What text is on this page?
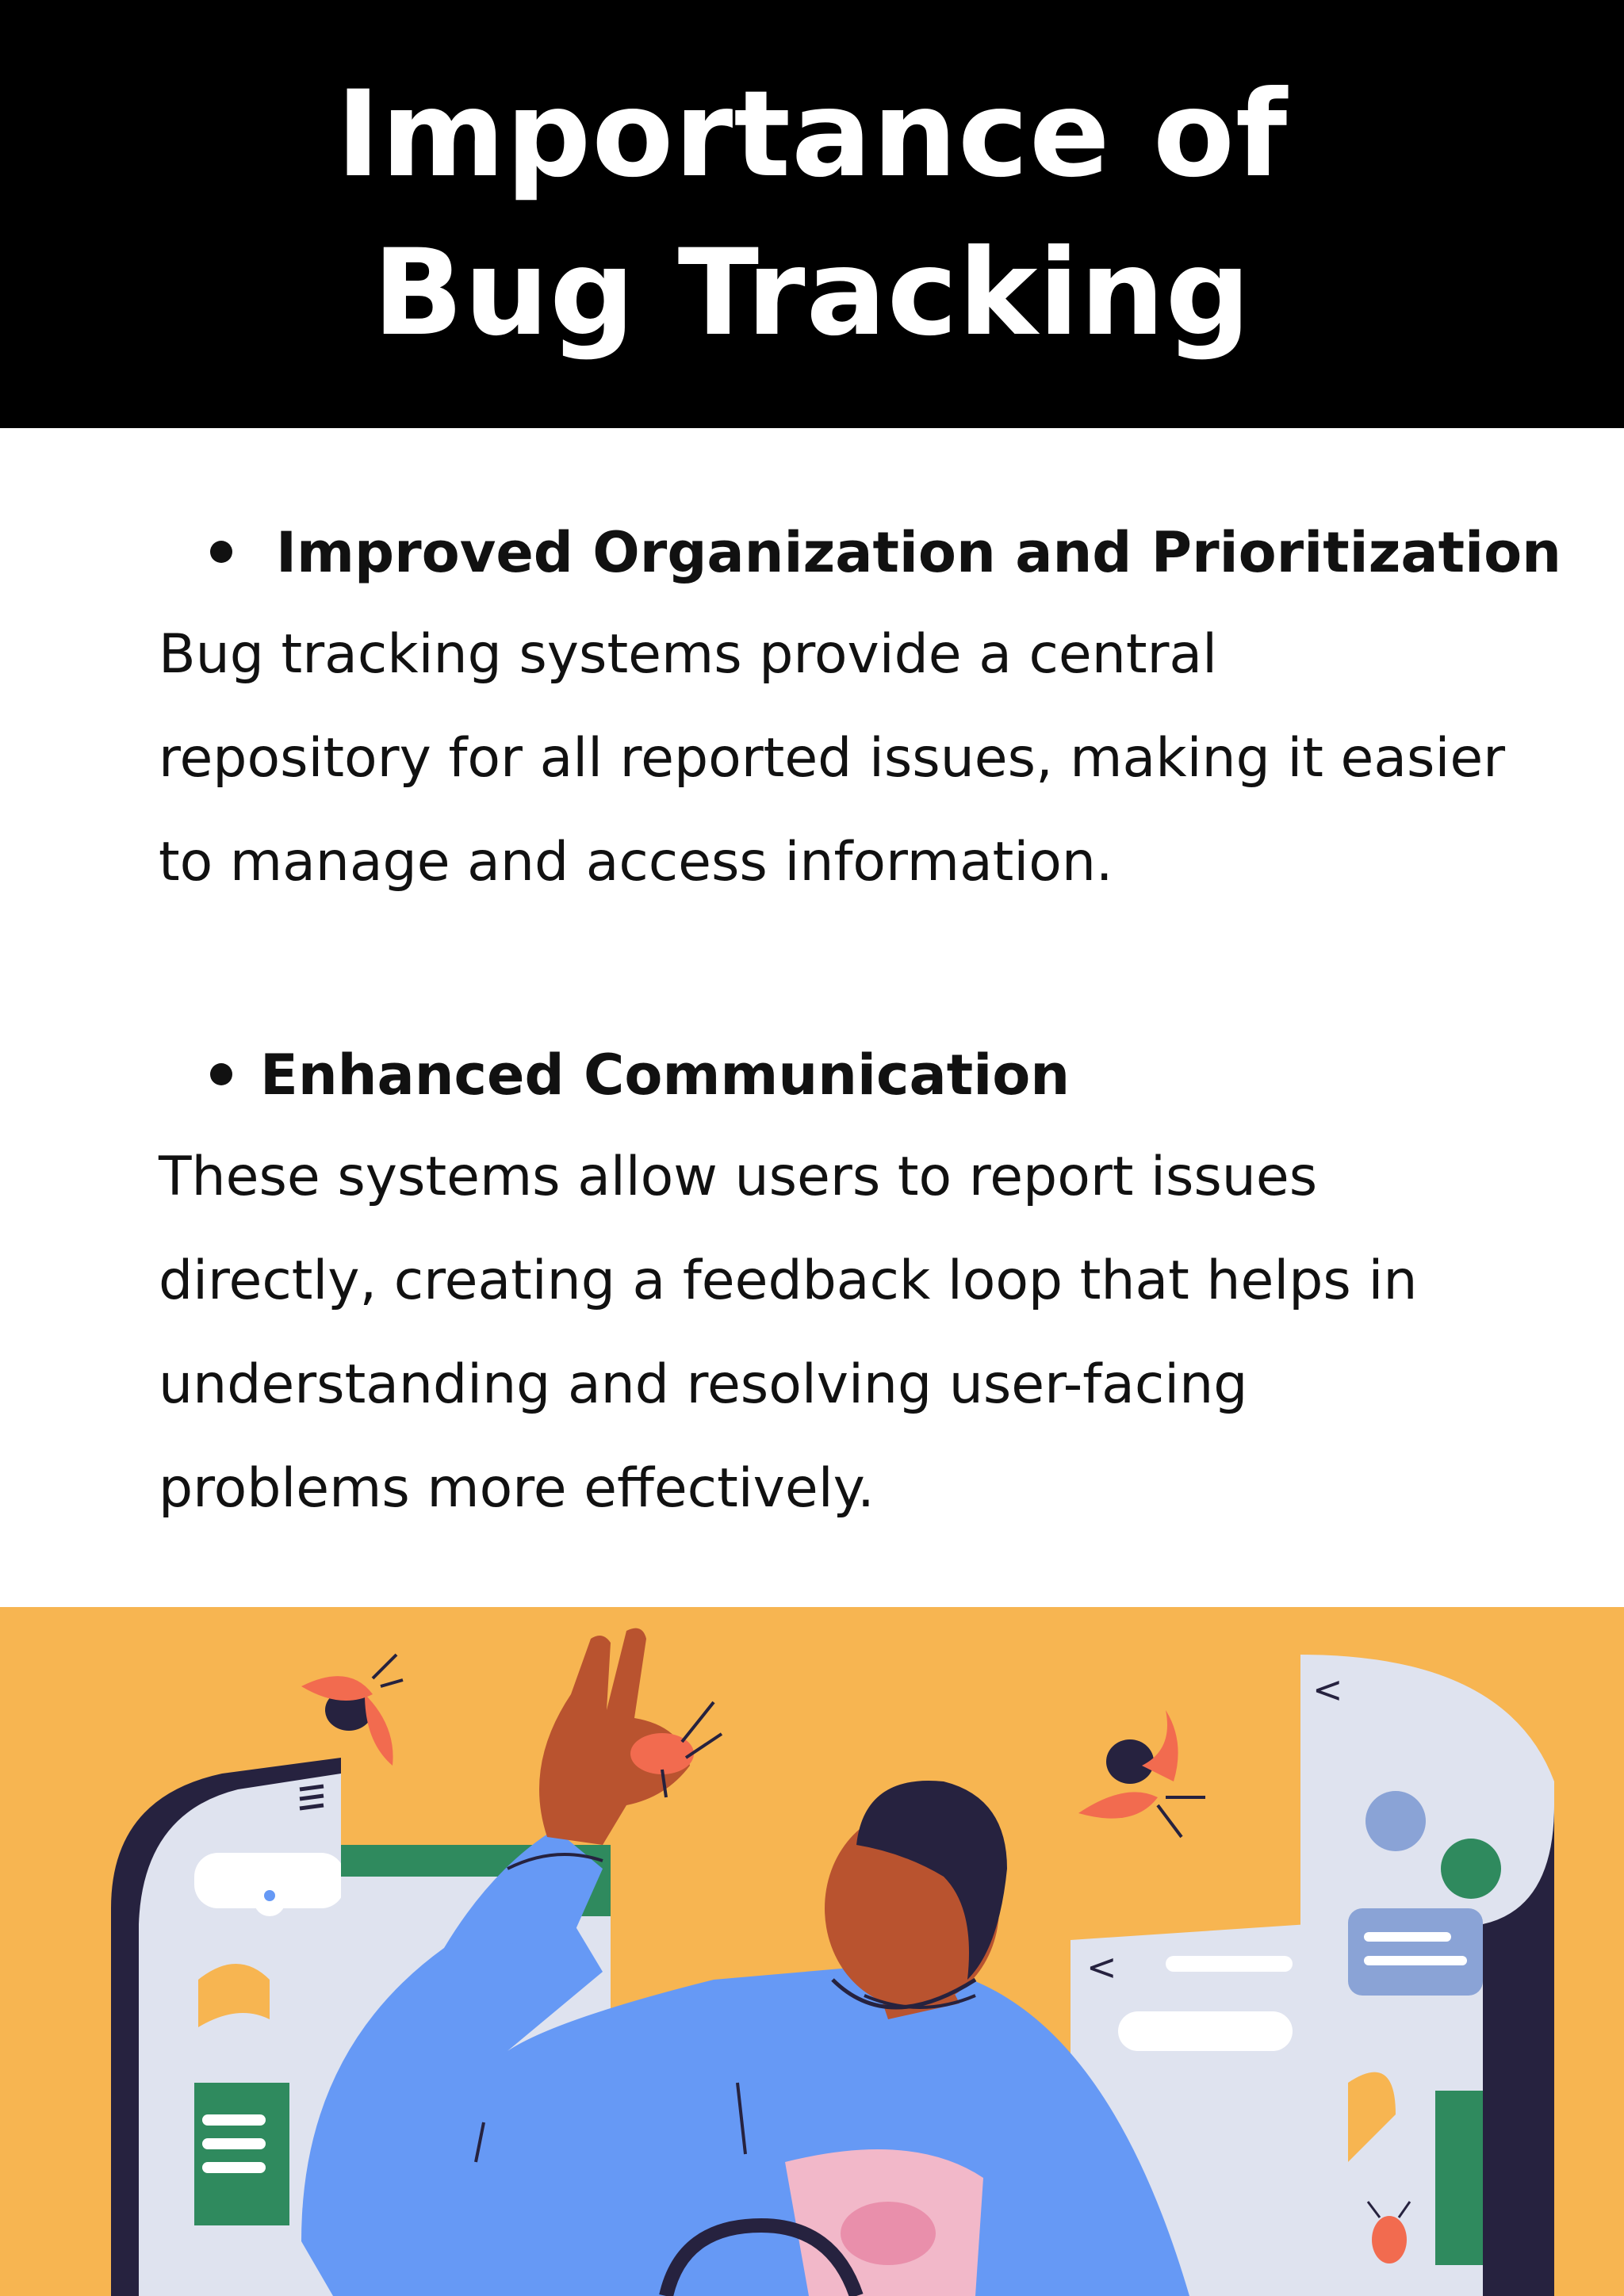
Importance of Bug Tracking
Improved Organization and Prioritization

Bug tracking systems provide a central repository for all reported issues, making it easier to manage and access information.

Enhanced Communication

These systems allow users to report issues directly, creating a feedback loop that helps in understanding and resolving user-facing problems more effectively.

<
<
